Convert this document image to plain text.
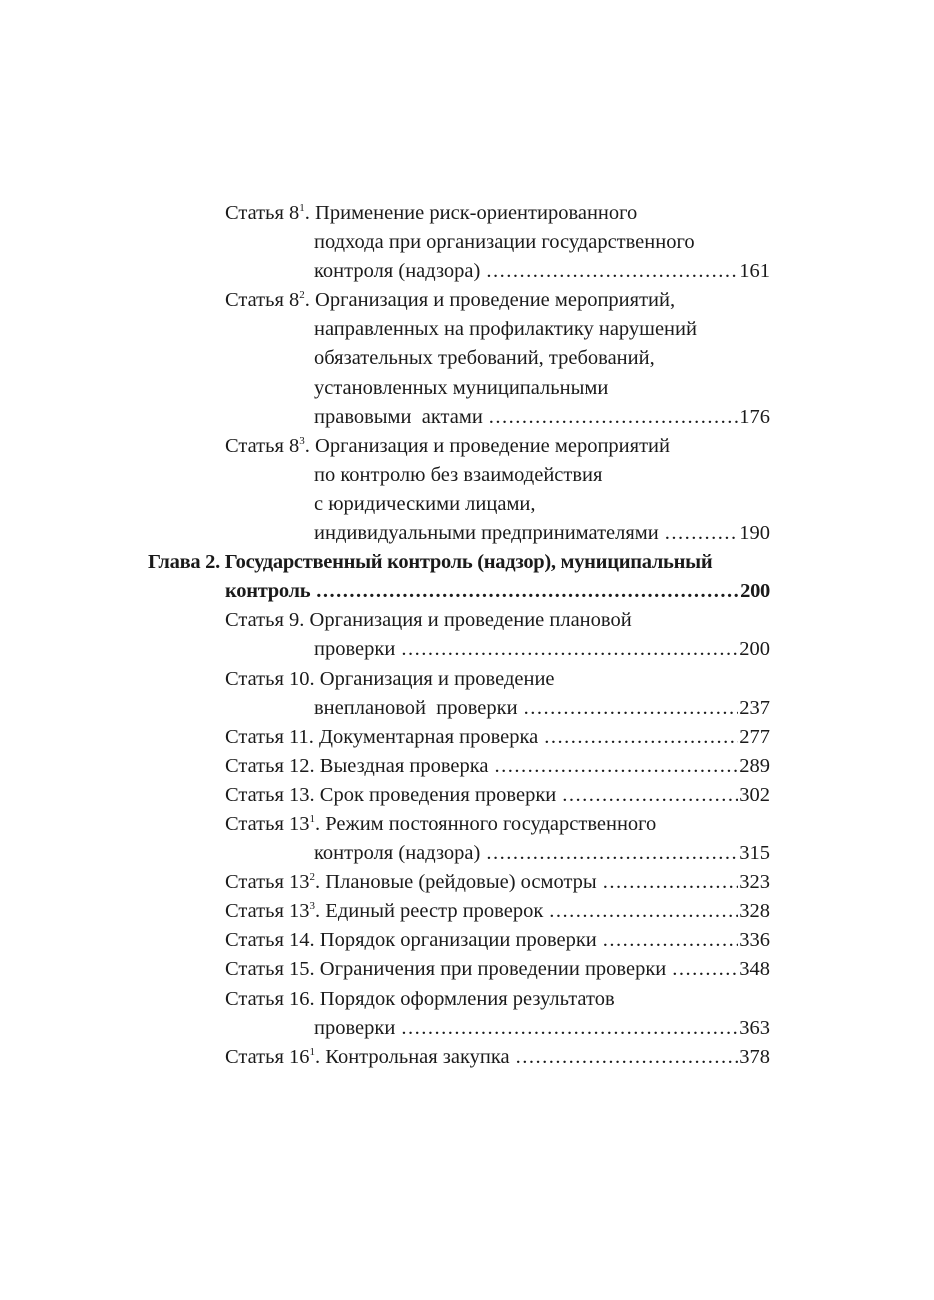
Статья $8^1$. Применение риск-ориентированного
подхода при организации государственного
контроля (надзора) .....	161
Статья $8^2$. Организация и проведение мероприятий,
направленных на профилактику нарушений
обязательных требований, требований,
установленных муниципальными
правовыми  актами .....	176
Статья $8^3$. Организация и проведение мероприятий
по контролю без взаимодействия
с юридическими лицами,
индивидуальными предпринимателями .....	190
Глава 2. Государственный контроль (надзор), муниципальный
контроль .....	200
Статья 9. Организация и проведение плановой
проверки .....	200
Статья 10. Организация и проведение
внеплановой  проверки .....	237
Статья 11. Документарная проверка .....	277
Статья 12. Выездная проверка .....	289
Статья 13. Срок проведения проверки .....	302
Статья $13^1$. Режим постоянного государственного
контроля (надзора) .....	315
Статья $13^2$. Плановые (рейдовые) осмотры .....	323
Статья $13^3$. Единый реестр проверок .....	328
Статья 14. Порядок организации проверки .....	336
Статья 15. Ограничения при проведении проверки .....	348
Статья 16. Порядок оформления результатов
проверки .....	363
Статья $16^1$. Контрольная закупка .....	378
